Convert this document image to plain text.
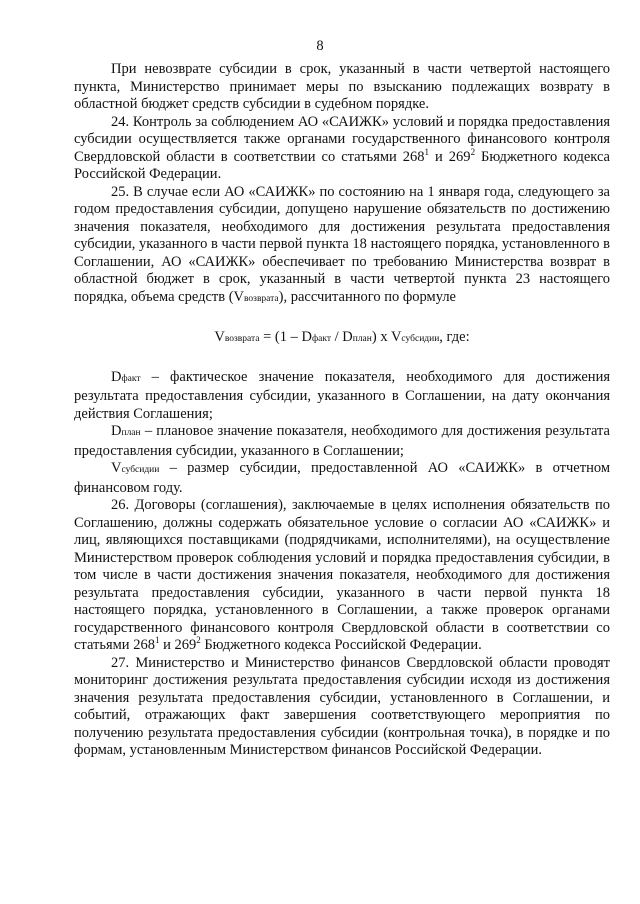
8

При невозврате субсидии в срок, указанный в части четвертой настоящего пункта, Министерство принимает меры по взысканию подлежащих возврату в областной бюджет средств субсидии в судебном порядке.

24. Контроль за соблюдением АО «САИЖК» условий и порядка предоставления субсидии осуществляется также органами государственного финансового контроля Свердловской области в соответствии со статьями $268^1$ и $269^2$ Бюджетного кодекса Российской Федерации.

25. В случае если АО «САИЖК» по состоянию на 1 января года, следующего за годом предоставления субсидии, допущено нарушение обязательств по достижению значения показателя, необходимого для достижения результата предоставления субсидии, указанного в части первой пункта 18 настоящего порядка, установленного в Соглашении, АО «САИЖК» обеспечивает по требованию Министерства возврат в областной бюджет в срок, указанный в части четвертой пункта 23 настоящего порядка, объема средств (Vвозврата), рассчитанного по формуле

Vвозврата = (1 – Dфакт / Dплан) x Vсубсидии, где:

Dфакт – фактическое значение показателя, необходимого для достижения результата предоставления субсидии, указанного в Соглашении, на дату окончания действия Соглашения;

Dплан – плановое значение показателя, необходимого для достижения результата предоставления субсидии, указанного в Соглашении;

Vсубсидии – размер субсидии, предоставленной АО «САИЖК» в отчетном финансовом году.

26. Договоры (соглашения), заключаемые в целях исполнения обязательств по Соглашению, должны содержать обязательное условие о согласии АО «САИЖК» и лиц, являющихся поставщиками (подрядчиками, исполнителями), на осуществление Министерством проверок соблюдения условий и порядка предоставления субсидии, в том числе в части достижения значения показателя, необходимого для достижения результата предоставления субсидии, указанного в части первой пункта 18 настоящего порядка, установленного в Соглашении, а также проверок органами государственного финансового контроля Свердловской области в соответствии со статьями $268^1$ и $269^2$ Бюджетного кодекса Российской Федерации.

27. Министерство и Министерство финансов Свердловской области проводят мониторинг достижения результата предоставления субсидии исходя из достижения значения результата предоставления субсидии, установленного в Соглашении, и событий, отражающих факт завершения соответствующего мероприятия по получению результата предоставления субсидии (контрольная точка), в порядке и по формам, установленным Министерством финансов Российской Федерации.
